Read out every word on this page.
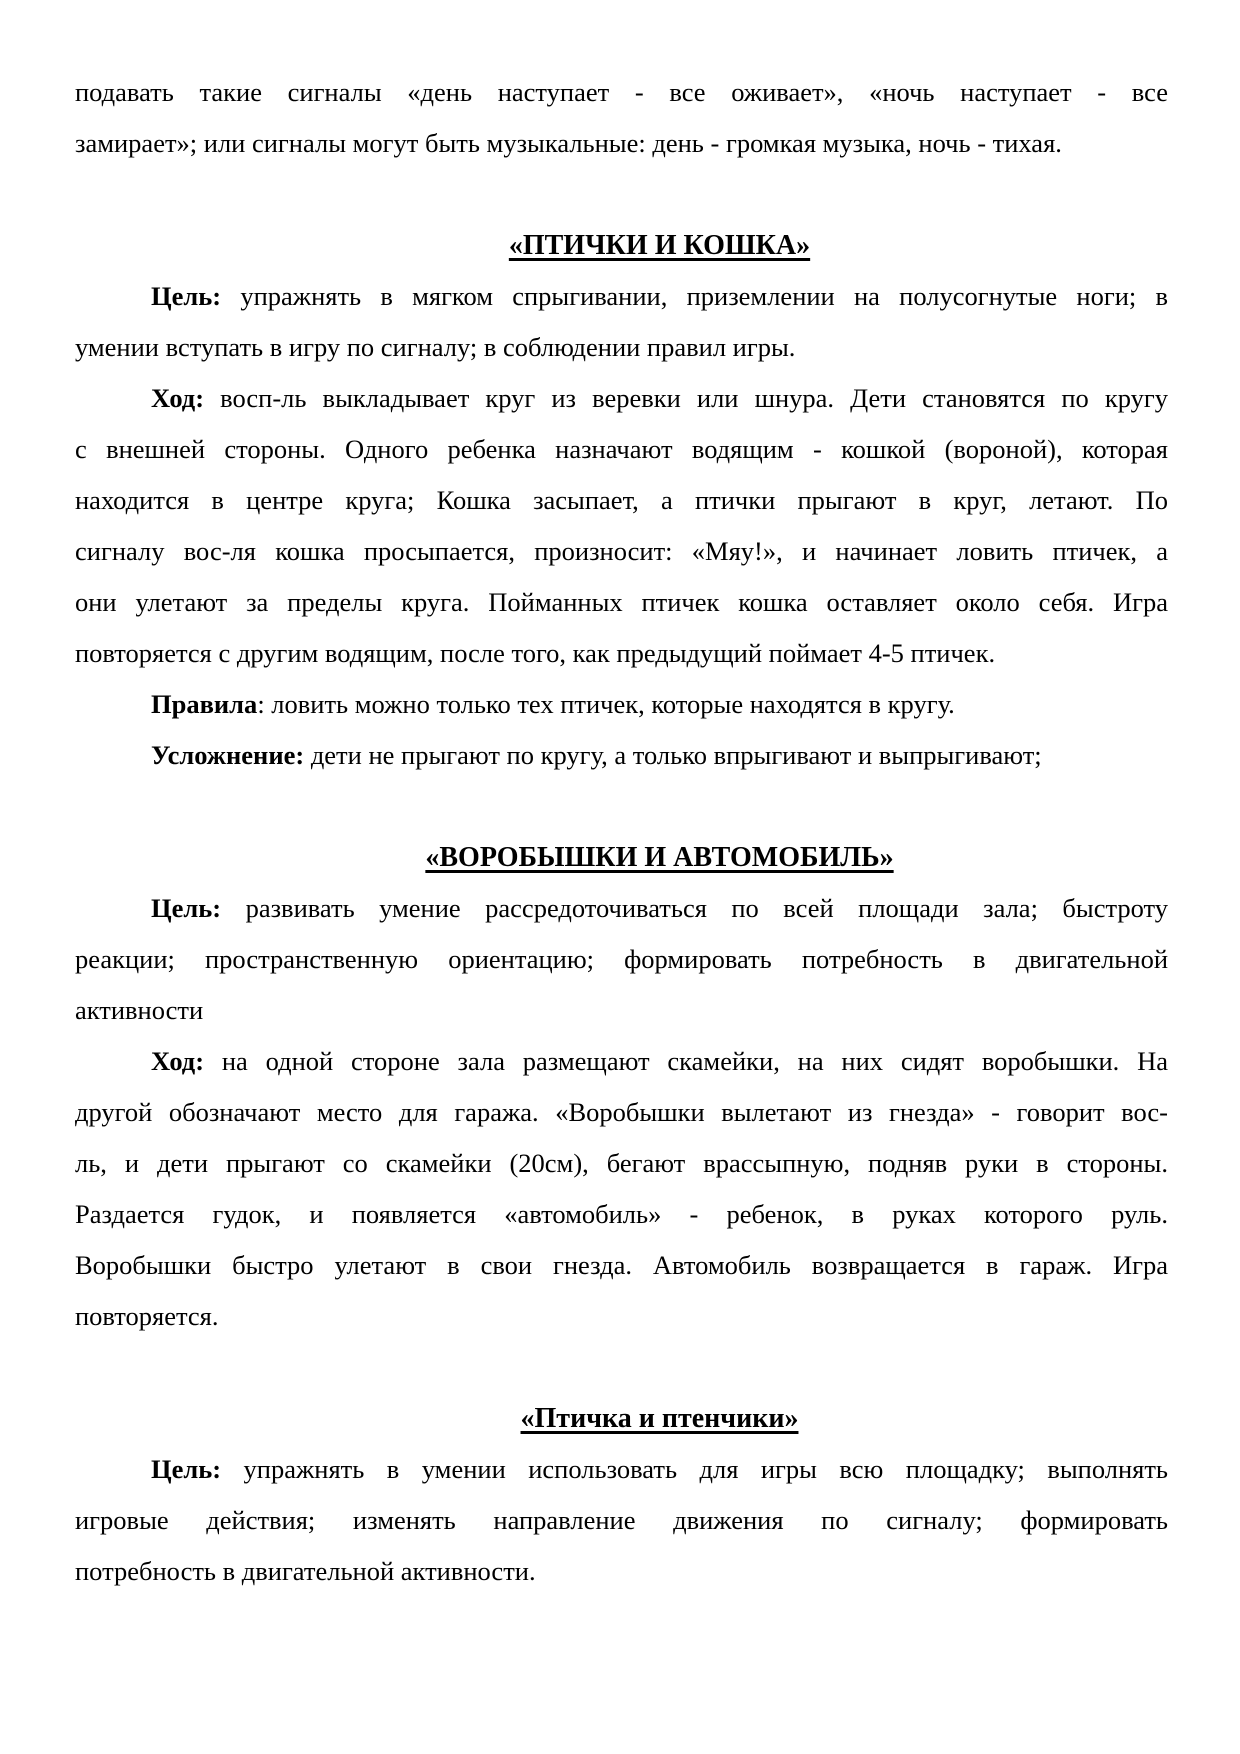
подавать такие сигналы «день наступает - все оживает», «ночь наступает - все
замирает»; или сигналы могут быть музыкальные: день - громкая музыка, ночь - тихая.
«ПТИЧКИ И КОШКА»
Цель: упражнять в мягком спрыгивании, приземлении на полусогнутые ноги; в
умении вступать в игру по сигналу; в соблюдении правил игры.
Ход: восп-ль выкладывает круг из веревки или шнура. Дети становятся по кругу
с внешней стороны. Одного ребенка назначают водящим - кошкой (вороной), которая
находится в центре круга; Кошка засыпает, а птички прыгают в круг, летают. По
сигналу вос-ля кошка просыпается, произносит: «Мяу!», и начинает ловить птичек, а
они улетают за пределы круга. Пойманных птичек кошка оставляет около себя. Игра
повторяется с другим водящим, после того, как предыдущий поймает 4-5 птичек.
Правила: ловить можно только тех птичек, которые находятся в кругу.
Усложнение: дети не прыгают по кругу, а только впрыгивают и выпрыгивают;
«ВОРОБЫШКИ И АВТОМОБИЛЬ»
Цель: развивать умение рассредоточиваться по всей площади зала; быстроту
реакции; пространственную ориентацию; формировать потребность в двигательной
активности
Ход: на одной стороне зала размещают скамейки, на них сидят воробышки. На
другой обозначают место для гаража. «Воробышки вылетают из гнезда» - говорит вос-
ль, и дети прыгают со скамейки (20см), бегают врассыпную, подняв руки в стороны.
Раздается гудок, и появляется «автомобиль» - ребенок, в руках которого руль.
Воробышки быстро улетают в свои гнезда. Автомобиль возвращается в гараж. Игра
повторяется.
«Птичка и птенчики»
Цель: упражнять в умении использовать для игры всю площадку; выполнять
игровые действия; изменять направление движения по сигналу; формировать
потребность в двигательной активности.
